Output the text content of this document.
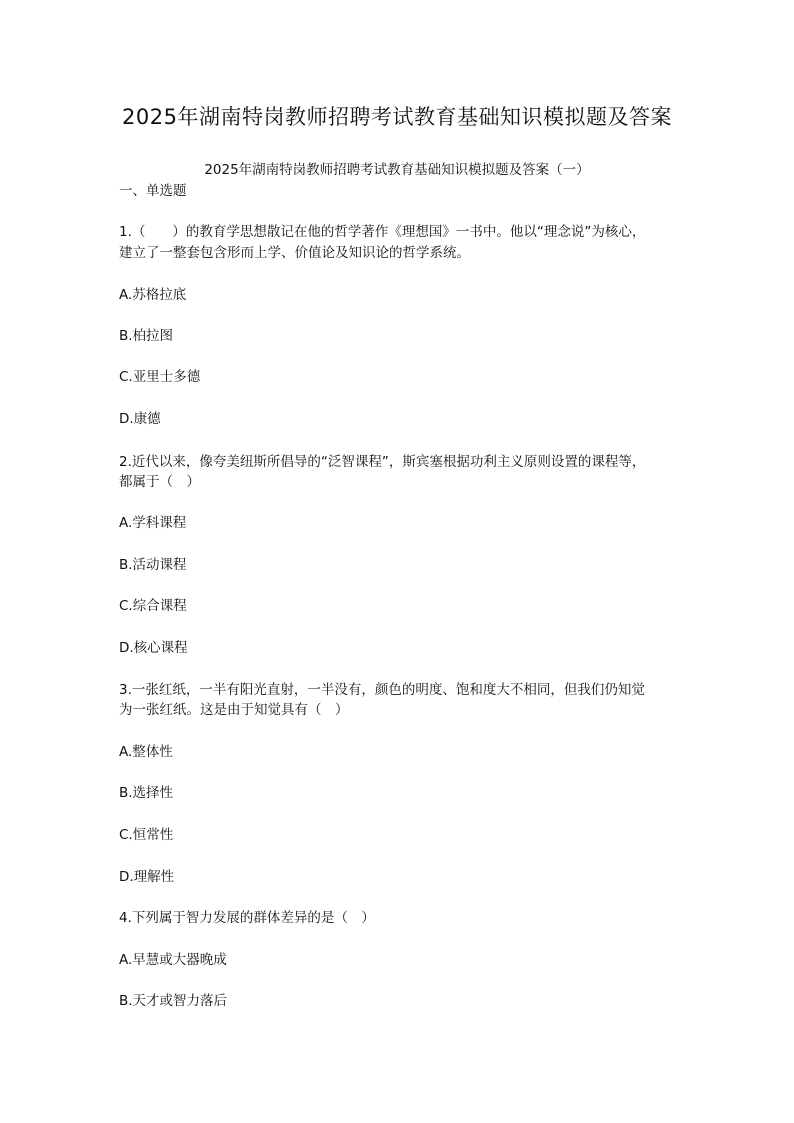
2025年湖南特岗教师招聘考试教育基础知识模拟题及答案
2025年湖南特岗教师招聘考试教育基础知识模拟题及答案（一）
一、单选题
1.（　　）的教育学思想散记在他的哲学著作《理想国》一书中。他以“理念说”为核心，
建立了一整套包含形而上学、价值论及知识论的哲学系统。
A.苏格拉底
B.柏拉图
C.亚里士多德
D.康德
2.近代以来，像夸美纽斯所倡导的“泛智课程”，斯宾塞根据功利主义原则设置的课程等，
都属于（　）
A.学科课程
B.活动课程
C.综合课程
D.核心课程
3.一张红纸，一半有阳光直射，一半没有，颜色的明度、饱和度大不相同，但我们仍知觉
为一张红纸。这是由于知觉具有（　）
A.整体性
B.选择性
C.恒常性
D.理解性
4.下列属于智力发展的群体差异的是（　）
A.早慧或大器晚成
B.天才或智力落后
